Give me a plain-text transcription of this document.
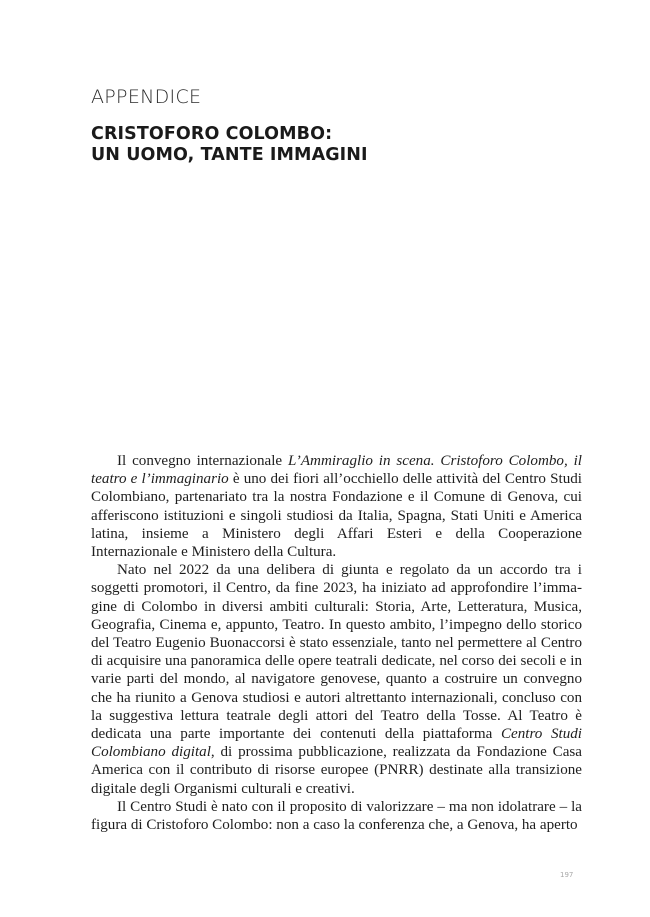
APPENDICE
CRISTOFORO COLOMBO:
UN UOMO, TANTE IMMAGINI

Il convegno internazionale L’Ammiraglio in scena. Cristoforo Colombo, il teatro e l’immaginario è uno dei fiori all’occhiello delle attività del Centro Studi Colombiano, partenariato tra la nostra Fondazione e il Comune di Genova, cui afferiscono istituzioni e singoli studiosi da Italia, Spagna, Stati Uniti e America latina, insieme a Ministero degli Affari Esteri e della Cooperazione Internazionale e Ministero della Cultura.

Nato nel 2022 da una delibera di giunta e regolato da un accordo tra i soggetti promotori, il Centro, da fine 2023, ha iniziato ad approfondire l’immagine di Colombo in diversi ambiti culturali: Storia, Arte, Letteratura, Musica, Geografia, Cinema e, appunto, Teatro. In questo ambito, l’impegno dello storico del Teatro Eugenio Buonaccorsi è stato essenziale, tanto nel permettere al Centro di acquisire una panoramica delle opere teatrali dedicate, nel corso dei secoli e in varie parti del mondo, al navigatore genovese, quanto a costruire un convegno che ha riunito a Genova studiosi e autori altrettanto internazionali, concluso con la suggestiva lettura teatrale degli attori del Teatro della Tosse. Al Teatro è dedicata una parte importante dei contenuti della piattaforma Centro Studi Colombiano digital, di prossima pubblicazione, realizzata da Fondazione Casa America con il contributo di risorse europee (PNRR) destinate alla transizione digitale degli Organismi culturali e creativi.

Il Centro Studi è nato con il proposito di valorizzare – ma non idolatrare – la figura di Cristoforo Colombo: non a caso la conferenza che, a Genova, ha aperto

197
